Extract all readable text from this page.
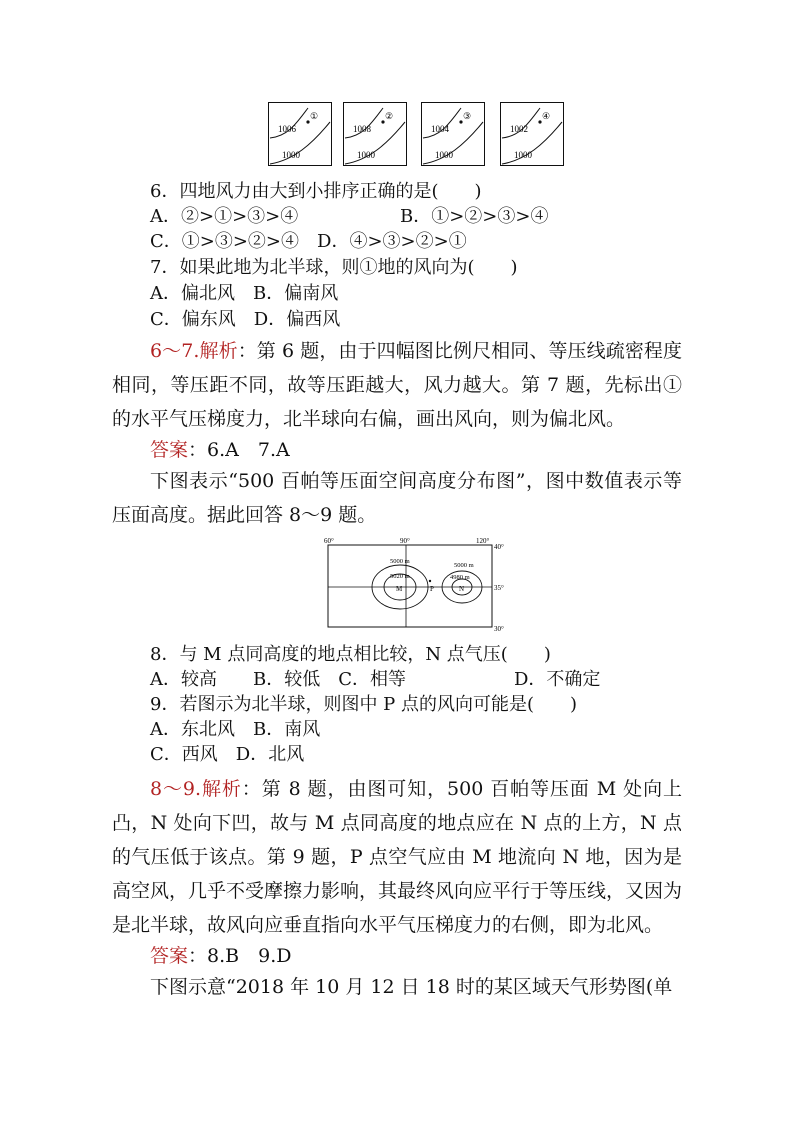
①
1006
1000
②
1008
1000
③
1004
1000
④
1002
1000
6．四地风力由大到小排序正确的是(　　)
A．②>①>③>④	B．①>②>③>④
C．①>③>②>④　D．④>③>②>①
7．如果此地为北半球，则①地的风向为(　　)
A．偏北风　B．偏南风
C．偏东风　D．偏西风
6～7.解析：第 6 题，由于四幅图比例尺相同、等压线疏密程度相同，等压距不同，故等压距越大，风力越大。第 7 题，先标出①的水平气压梯度力，北半球向右偏，画出风向，则为偏北风。
答案：6.A　7.A
下图表示“500 百帕等压面空间高度分布图”，图中数值表示等压面高度。据此回答 8～9 题。
60°	90°	120°
40°
35°
30°
5000 m
5020 m
5000 m
4980 m
M	P	N
8．与 M 点同高度的地点相比较，N 点气压(　　)
A．较高　　B．较低　C．相等	D．不确定
9．若图示为北半球，则图中 P 点的风向可能是(　　)
A．东北风　B．南风
C．西风　D．北风
8～9.解析：第 8 题，由图可知，500 百帕等压面 M 处向上凸，N 处向下凹，故与 M 点同高度的地点应在 N 点的上方，N 点的气压低于该点。第 9 题，P 点空气应由 M 地流向 N 地，因为是高空风，几乎不受摩擦力影响，其最终风向应平行于等压线，又因为是北半球，故风向应垂直指向水平气压梯度力的右侧，即为北风。
答案：8.B　9.D
下图示意“2018 年 10 月 12 日 18 时的某区域天气形势图(单
